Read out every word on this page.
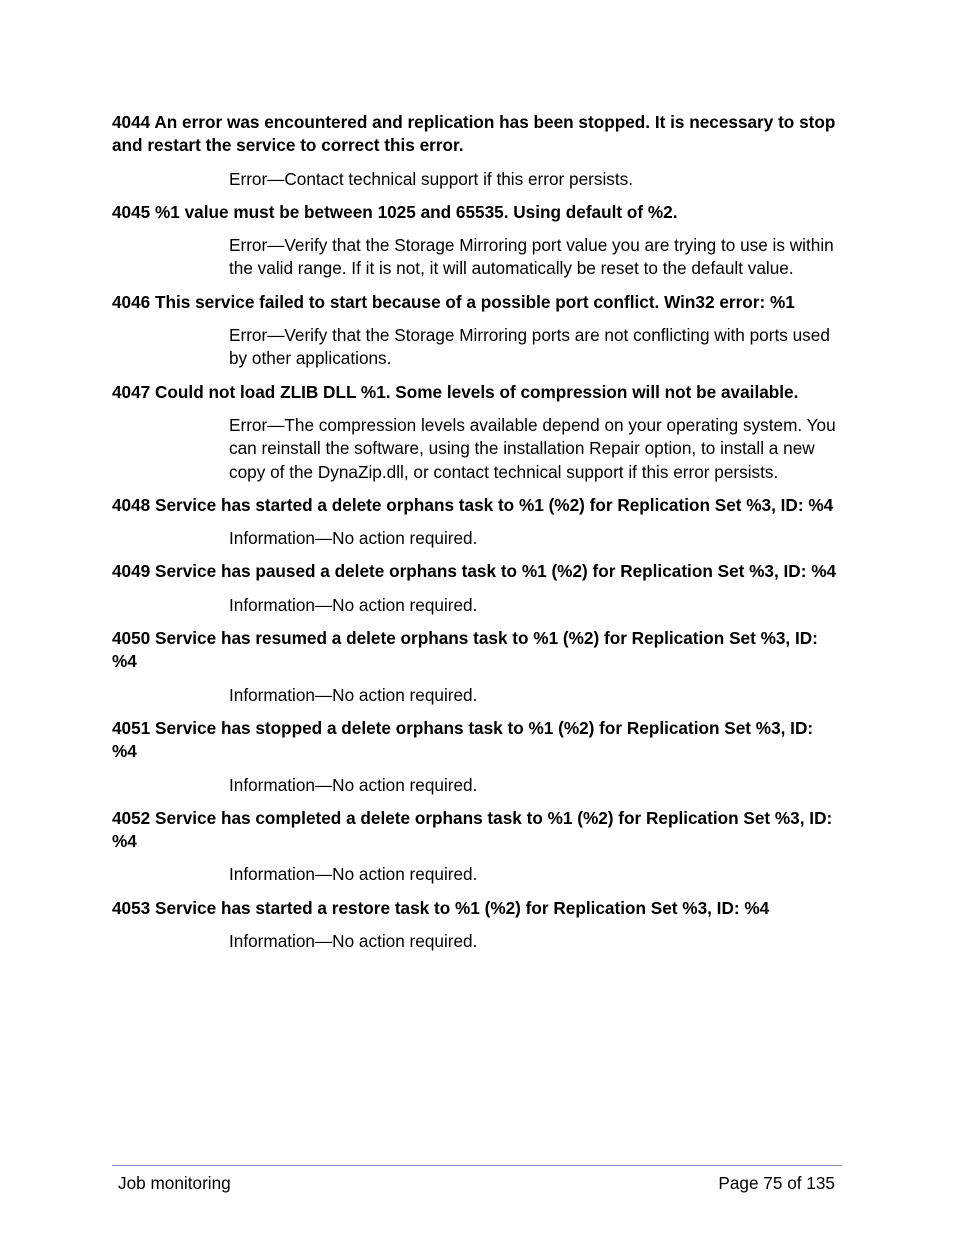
4044 An error was encountered and replication has been stopped. It is necessary to stop and restart the service to correct this error.

Error—Contact technical support if this error persists.

4045 %1 value must be between 1025 and 65535. Using default of %2.

Error—Verify that the Storage Mirroring port value you are trying to use is within the valid range. If it is not, it will automatically be reset to the default value.

4046 This service failed to start because of a possible port conflict. Win32 error: %1

Error—Verify that the Storage Mirroring ports are not conflicting with ports used by other applications.

4047 Could not load ZLIB DLL %1. Some levels of compression will not be available.

Error—The compression levels available depend on your operating system. You can reinstall the software, using the installation Repair option, to install a new copy of the DynaZip.dll, or contact technical support if this error persists.

4048 Service has started a delete orphans task to %1 (%2) for Replication Set %3, ID: %4

Information—No action required.

4049 Service has paused a delete orphans task to %1 (%2) for Replication Set %3, ID: %4

Information—No action required.

4050 Service has resumed a delete orphans task to %1 (%2) for Replication Set %3, ID: %4

Information—No action required.

4051 Service has stopped a delete orphans task to %1 (%2) for Replication Set %3, ID: %4

Information—No action required.

4052 Service has completed a delete orphans task to %1 (%2) for Replication Set %3, ID: %4

Information—No action required.

4053 Service has started a restore task to %1 (%2) for Replication Set %3, ID: %4

Information—No action required.

Job monitoring	Page 75 of 135
